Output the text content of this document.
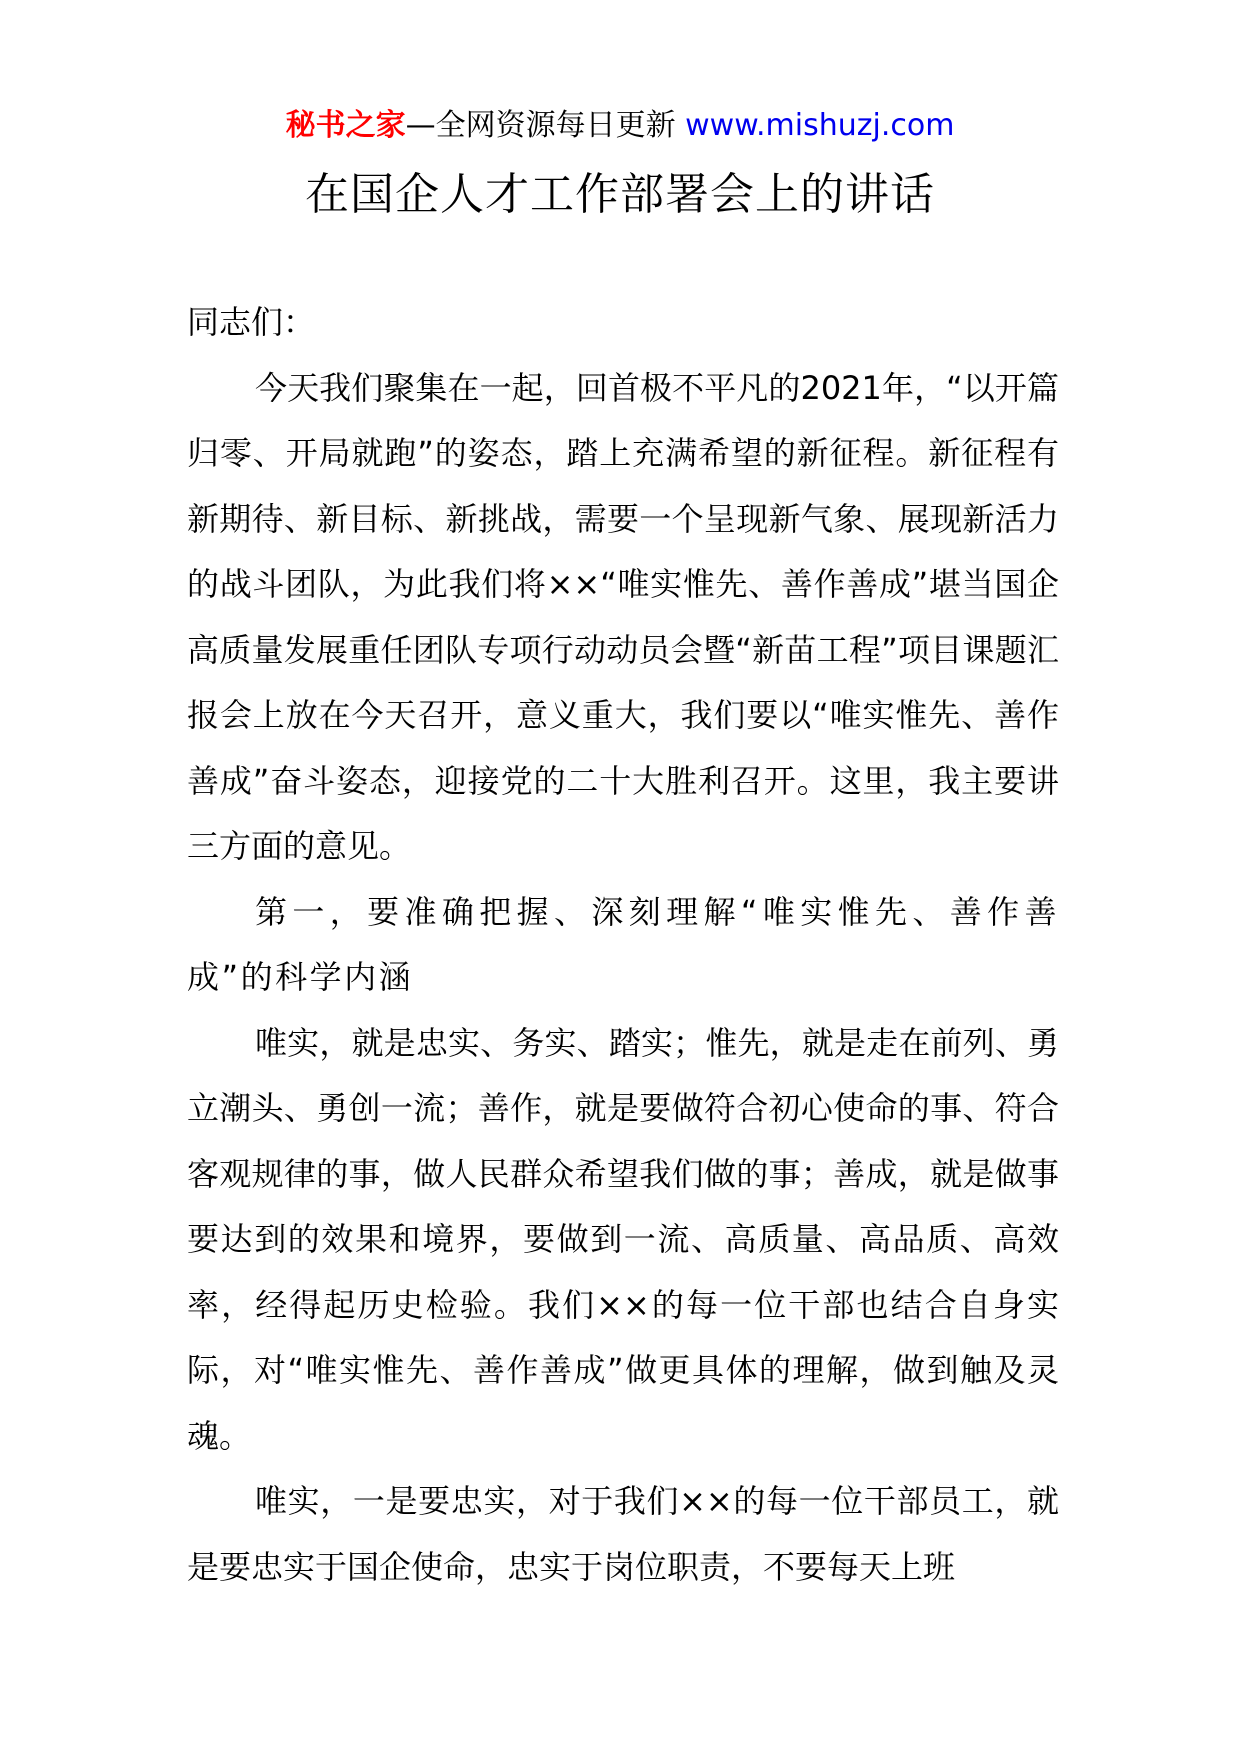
秘书之家—全网资源每日更新 www.mishuzj.com
在国企人才工作部署会上的讲话

同志们：

今天我们聚集在一起，回首极不平凡的2021年，“以开篇归零、开局就跑”的姿态，踏上充满希望的新征程。新征程有新期待、新目标、新挑战，需要一个呈现新气象、展现新活力的战斗团队，为此我们将××“唯实惟先、善作善成”堪当国企高质量发展重任团队专项行动动员会暨“新苗工程”项目课题汇报会上放在今天召开，意义重大，我们要以“唯实惟先、善作善成”奋斗姿态，迎接党的二十大胜利召开。这里，我主要讲三方面的意见。

第一，要准确把握、深刻理解“唯实惟先、善作善成”的科学内涵

唯实，就是忠实、务实、踏实；惟先，就是走在前列、勇立潮头、勇创一流；善作，就是要做符合初心使命的事、符合客观规律的事，做人民群众希望我们做的事；善成，就是做事要达到的效果和境界，要做到一流、高质量、高品质、高效率，经得起历史检验。我们××的每一位干部也结合自身实际，对“唯实惟先、善作善成”做更具体的理解，做到触及灵魂。

唯实，一是要忠实，对于我们××的每一位干部员工，就是要忠实于国企使命，忠实于岗位职责，不要每天上班
